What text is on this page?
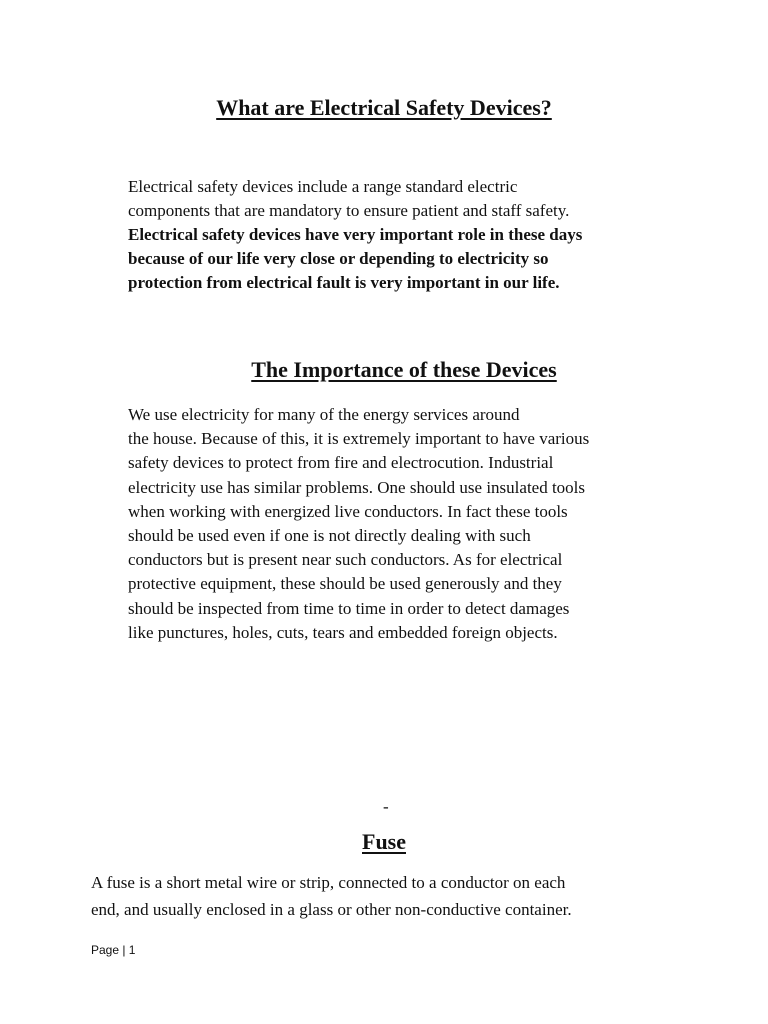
What are Electrical Safety Devices?

Electrical safety devices include a range standard electric
components that are mandatory to ensure patient and staff safety.
Electrical safety devices have very important role in these days
because of our life very close or depending to electricity so
protection from electrical fault is very important in our life.

The Importance of these Devices

We use electricity for many of the energy services around
the house. Because of this, it is extremely important to have various
safety devices to protect from fire and electrocution. Industrial
electricity use has similar problems. One should use insulated tools
when working with energized live conductors. In fact these tools
should be used even if one is not directly dealing with such
conductors but is present near such conductors. As for electrical
protective equipment, these should be used generously and they
should be inspected from time to time in order to detect damages
like punctures, holes, cuts, tears and embedded foreign objects.

-
Fuse

A fuse is a short metal wire or strip, connected to a conductor on each
end, and usually enclosed in a glass or other non-conductive container.

Page | 1
